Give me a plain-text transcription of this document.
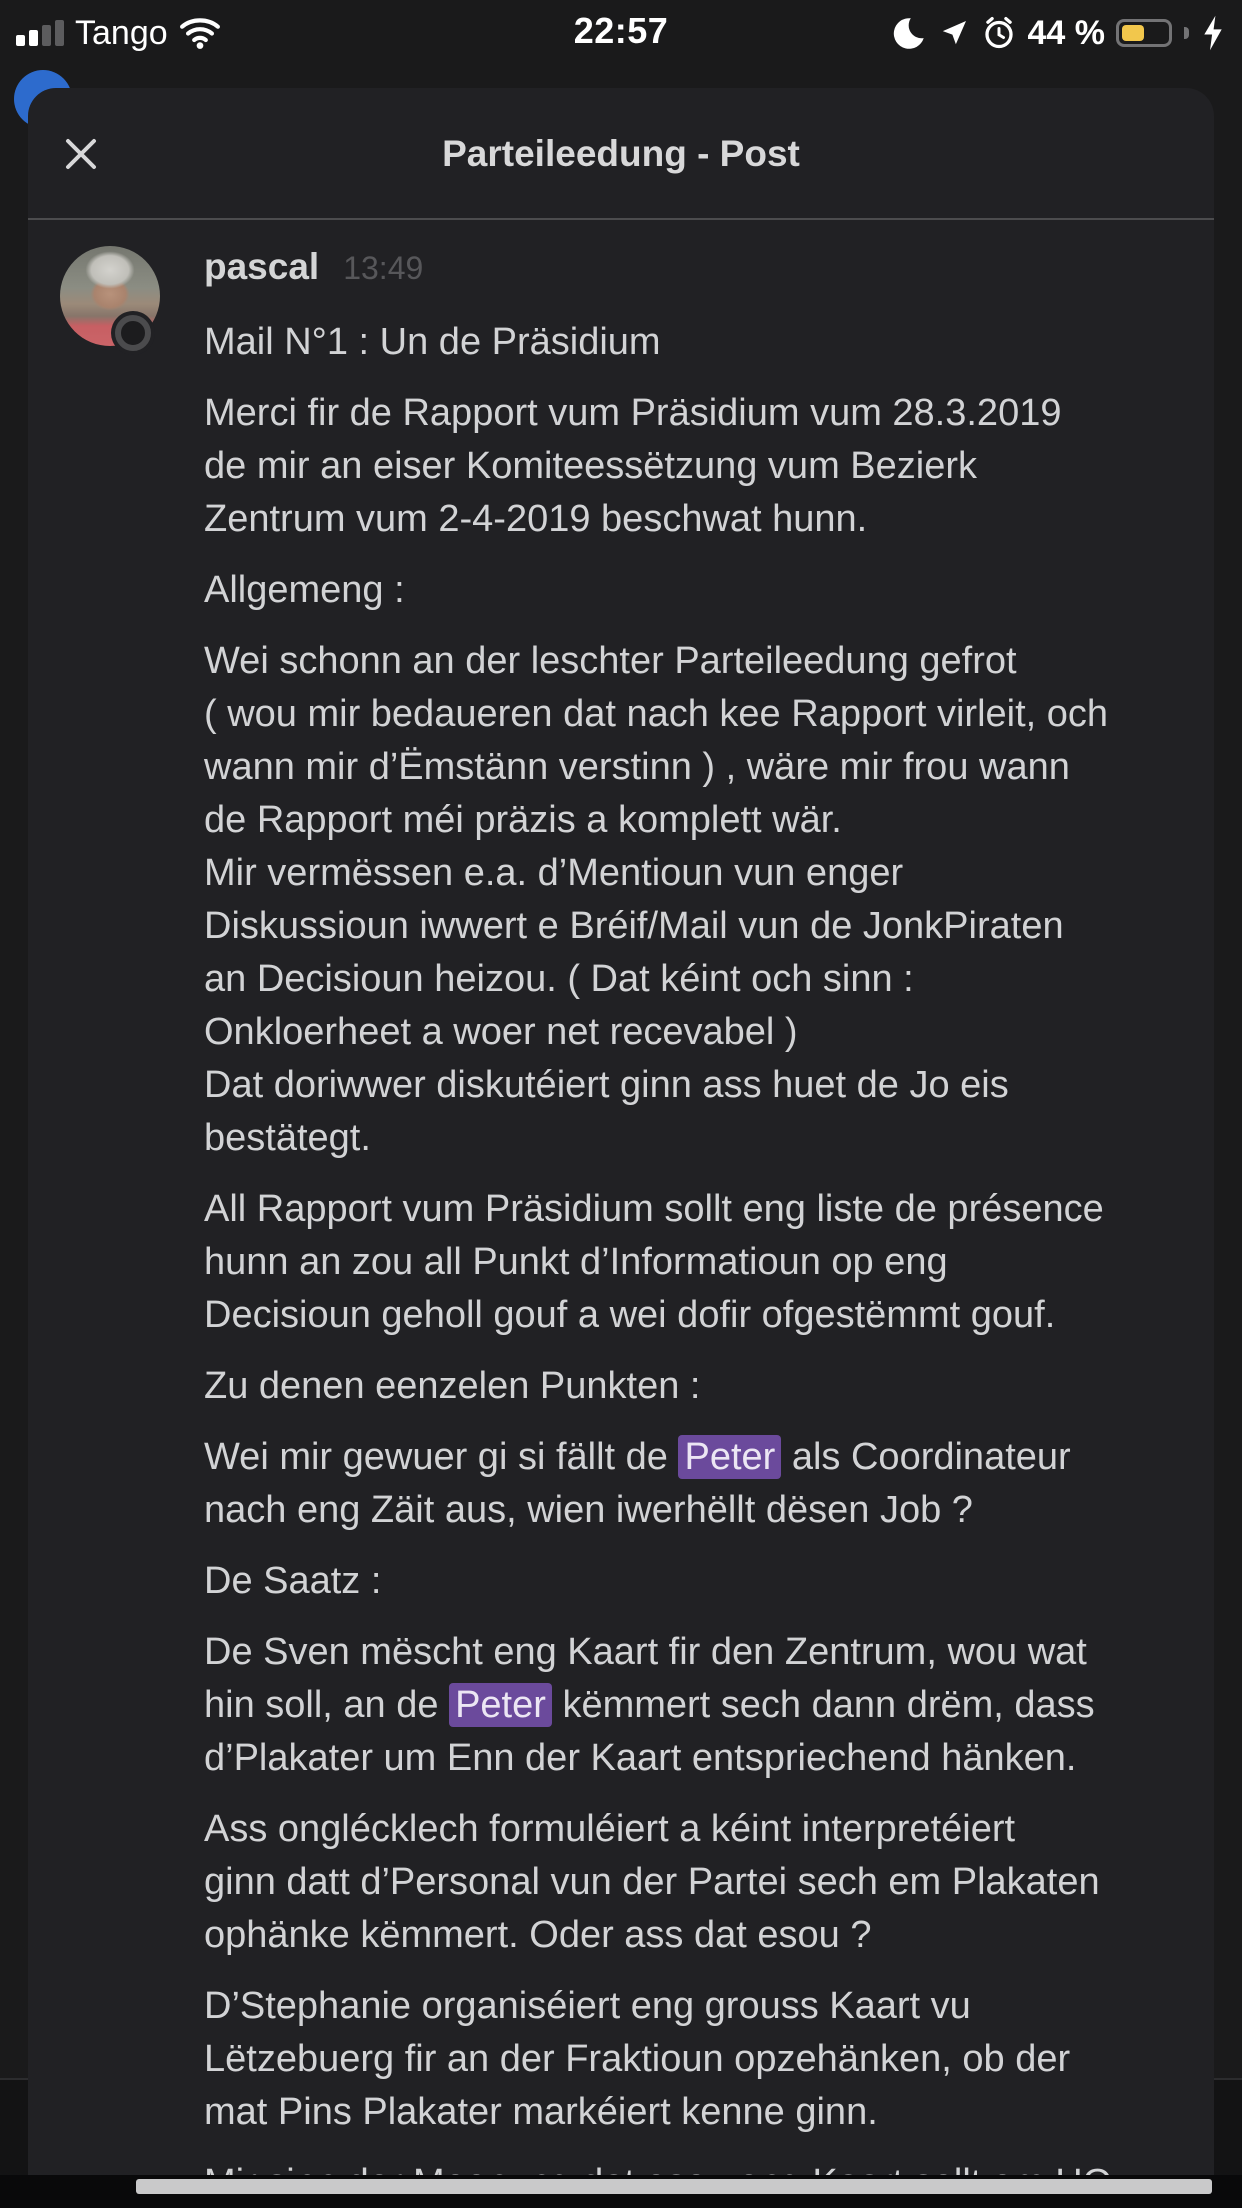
Tango	22:57	44 %
Parteileedung - Post
pascal 13:49
Mail N°1 : Un de Präsidium
Merci fir de Rapport vum Präsidium vum 28.3.2019
de mir an eiser Komiteessëtzung vum Bezierk
Zentrum vum 2-4-2019 beschwat hunn.
Allgemeng :
Wei schonn an der leschter Parteileedung gefrot
( wou mir bedaueren dat nach kee Rapport virleit, och
wann mir d’Ëmstänn verstinn ) , wäre mir frou wann
de Rapport méi präzis a komplett wär.
Mir vermëssen e.a. d’Mentioun vun enger
Diskussioun iwwert e Bréif/Mail vun de JonkPiraten
an Decisioun heizou. ( Dat kéint och sinn :
Onkloerheet a woer net recevabel )
Dat doriwwer diskutéiert ginn ass huet de Jo eis
bestätegt.
All Rapport vum Präsidium sollt eng liste de présence
hunn an zou all Punkt d’Informatioun op eng
Decisioun geholl gouf a wei dofir ofgestëmmt gouf.
Zu denen eenzelen Punkten :
Wei mir gewuer gi si fällt de Peter als Coordinateur
nach eng Zäit aus, wien iwerhëllt dësen Job ?
De Saatz :
De Sven mëscht eng Kaart fir den Zentrum, wou wat
hin soll, an de Peter këmmert sech dann drëm, dass
d’Plakater um Enn der Kaart entspriechend hänken.
Ass onglécklech formuléiert a kéint interpretéiert
ginn datt d’Personal vun der Partei sech em Plakaten
ophänke këmmert. Oder ass dat esou ?
D’Stephanie organiséiert eng grouss Kaart vu
Lëtzebuerg fir an der Fraktioun opzehänken, ob der
mat Pins Plakater markéiert kenne ginn.
